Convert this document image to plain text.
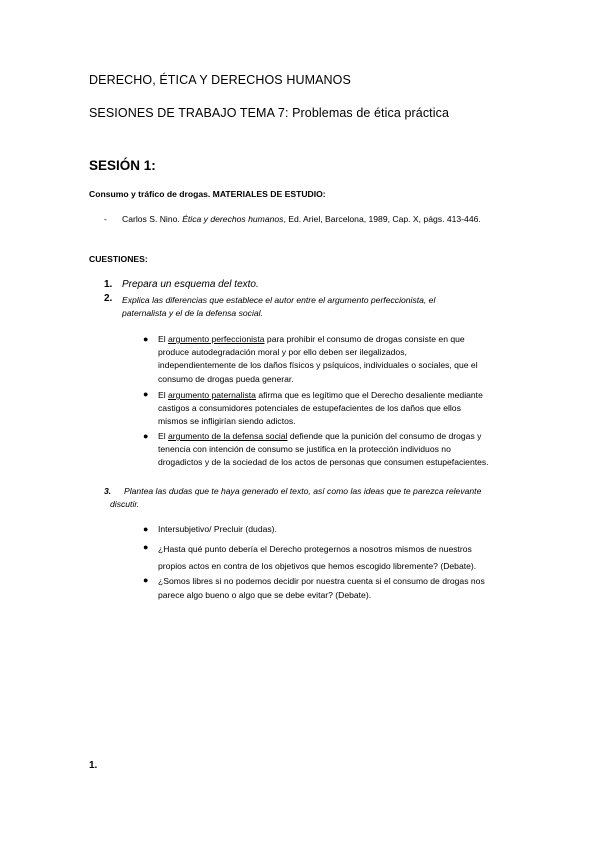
DERECHO, ÉTICA Y DERECHOS HUMANOS
SESIONES DE TRABAJO TEMA 7: Problemas de ética práctica
SESIÓN 1:
Consumo y tráfico de drogas. MATERIALES DE ESTUDIO:
- Carlos S. Nino. Ética y derechos humanos, Ed. Ariel, Barcelona, 1989, Cap. X, págs. 413-446.
CUESTIONES:
1. Prepara un esquema del texto.
2. Explica las diferencias que establece el autor entre el argumento perfeccionista, el
paternalista y el de la defensa social.
● El argumento perfeccionista para prohibir el consumo de drogas consiste en que
produce autodegradación moral y por ello deben ser ilegalizados,
independientemente de los daños físicos y psíquicos, individuales o sociales, que el
consumo de drogas pueda generar.
● El argumento paternalista afirma que es legítimo que el Derecho desaliente mediante
castigos a consumidores potenciales de estupefacientes de los daños que ellos
mismos se infligirían siendo adictos.
● El argumento de la defensa social defiende que la punición del consumo de drogas y
tenencia con intención de consumo se justifica en la protección individuos no
drogadictos y de la sociedad de los actos de personas que consumen estupefacientes.
3. Plantea las dudas que te haya generado el texto, así como las ideas que te parezca relevante
discutir.
● Intersubjetivo/ Precluir (dudas).
● ¿Hasta qué punto debería el Derecho protegernos a nosotros mismos de nuestros
propios actos en contra de los objetivos que hemos escogido libremente? (Debate).
● ¿Somos libres si no podemos decidir por nuestra cuenta si el consumo de drogas nos
parece algo bueno o algo que se debe evitar? (Debate).
1.
